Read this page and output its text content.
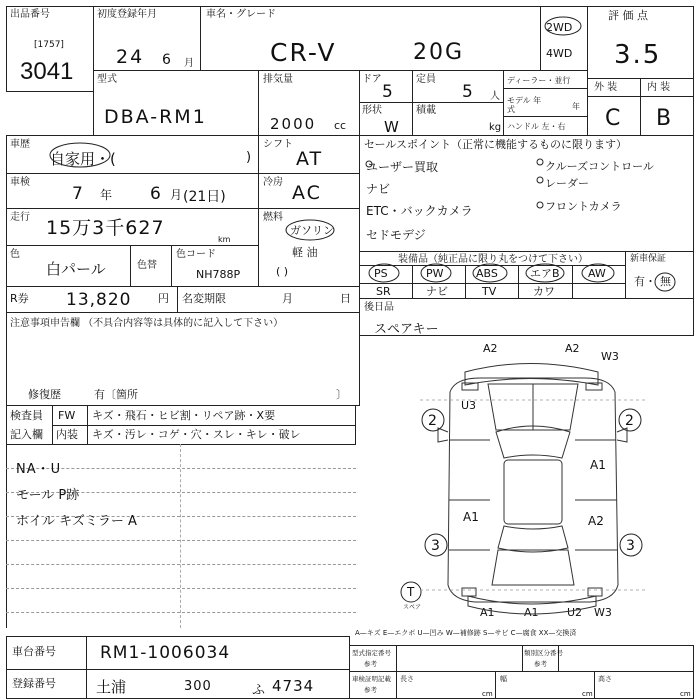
出品番号
[1757]
3041
初度登録年月
24 6 月
車名・グレード
CR-V	20G
2WD
4WD
評 価 点
3.5
型式
DBA-RM1
排気量
2000 cc
ドア
5
定員
5 人
形状
W
積載
kg
ディーラー・並行
モデル 年式	年
ハンドル 左・右
外 装	内 装
C B
車歴
自家用・(	)
シフト
AT
車検
7 年 6 月 (21日)
冷房 AC
走行 15万3千627
km
燃料
ガソリン
軽 油
( )
色
白パール	色替
色コード
NH788P
R券 13,820 円 名変期限	月	日
注意事項申告欄 （不具合内容等は具体的に記入して下さい）
修復歴	有〔箇所	〕
検査員
記入欄
FW キズ・飛石・ヒビ割・リペア跡・X要
内装 キズ・汚レ・コゲ・穴・スレ・キレ・破レ
NA・U
モール P跡
ホイル キズミラー A
セールスポイント（正常に機能するものに限ります）
ユーザー買取
ナビ
ETC・バックカメラ
セドモデジ
クルーズコントロール
レーダー
フロントカメラ
装備品（純正品に限り丸をつけて下さい）
PS	PW	ABS	エアB	AW
SR	ナビ	TV	カワ
新車保証
有・ 無
後日品
スペアキー
A2	A2
W3
U3
2	2
A1
A1	A2
3	3
A1	A1	U2 W3
T
スペア
A—キズ E—エクボ U—凹み W—補修跡 S—サビ C—腐食 XX—交換済
車台番号	RM1-1006034
登録番号	土浦	300	ふ 4734
型式指定番号
参考
類別区分番号
参考
車検証明記載
参考
長さ
cm
幅
cm
高さ
cm
